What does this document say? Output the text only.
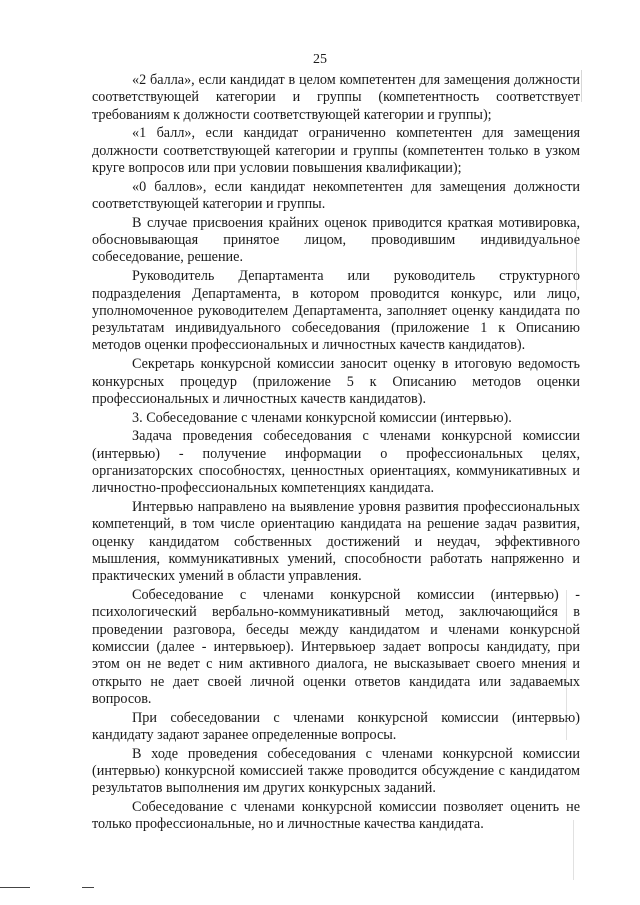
25

«2 балла», если кандидат в целом компетентен для замещения должности соответствующей категории и группы (компетентность соответствует требованиям к должности соответствующей категории и группы);

«1 балл», если кандидат ограниченно компетентен для замещения должности соответствующей категории и группы (компетентен только в узком круге вопросов или при условии повышения квалификации);

«0 баллов», если кандидат некомпетентен для замещения должности соответствующей категории и группы.

В случае присвоения крайних оценок приводится краткая мотивировка, обосновывающая принятое лицом, проводившим индивидуальное собеседование, решение.

Руководитель Департамента или руководитель структурного подразделения Департамента, в котором проводится конкурс, или лицо, уполномоченное руководителем Департамента, заполняет оценку кандидата по результатам индивидуального собеседования (приложение 1 к Описанию методов оценки профессиональных и личностных качеств кандидатов).

Секретарь конкурсной комиссии заносит оценку в итоговую ведомость конкурсных процедур (приложение 5 к Описанию методов оценки профессиональных и личностных качеств кандидатов).

3. Собеседование с членами конкурсной комиссии (интервью).

Задача проведения собеседования с членами конкурсной комиссии (интервью) - получение информации о профессиональных целях, организаторских способностях, ценностных ориентациях, коммуникативных и личностно-профессиональных компетенциях кандидата.

Интервью направлено на выявление уровня развития профессиональных компетенций, в том числе ориентацию кандидата на решение задач развития, оценку кандидатом собственных достижений и неудач, эффективного мышления, коммуникативных умений, способности работать напряженно и практических умений в области управления.

Собеседование с членами конкурсной комиссии (интервью) - психологический вербально-коммуникативный метод, заключающийся в проведении разговора, беседы между кандидатом и членами конкурсной комиссии (далее - интервьюер). Интервьюер задает вопросы кандидату, при этом он не ведет с ним активного диалога, не высказывает своего мнения и открыто не дает своей личной оценки ответов кандидата или задаваемых вопросов.

При собеседовании с членами конкурсной комиссии (интервью) кандидату задают заранее определенные вопросы.

В ходе проведения собеседования с членами конкурсной комиссии (интервью) конкурсной комиссией также проводится обсуждение с кандидатом результатов выполнения им других конкурсных заданий.

Собеседование с членами конкурсной комиссии позволяет оценить не только профессиональные, но и личностные качества кандидата.
